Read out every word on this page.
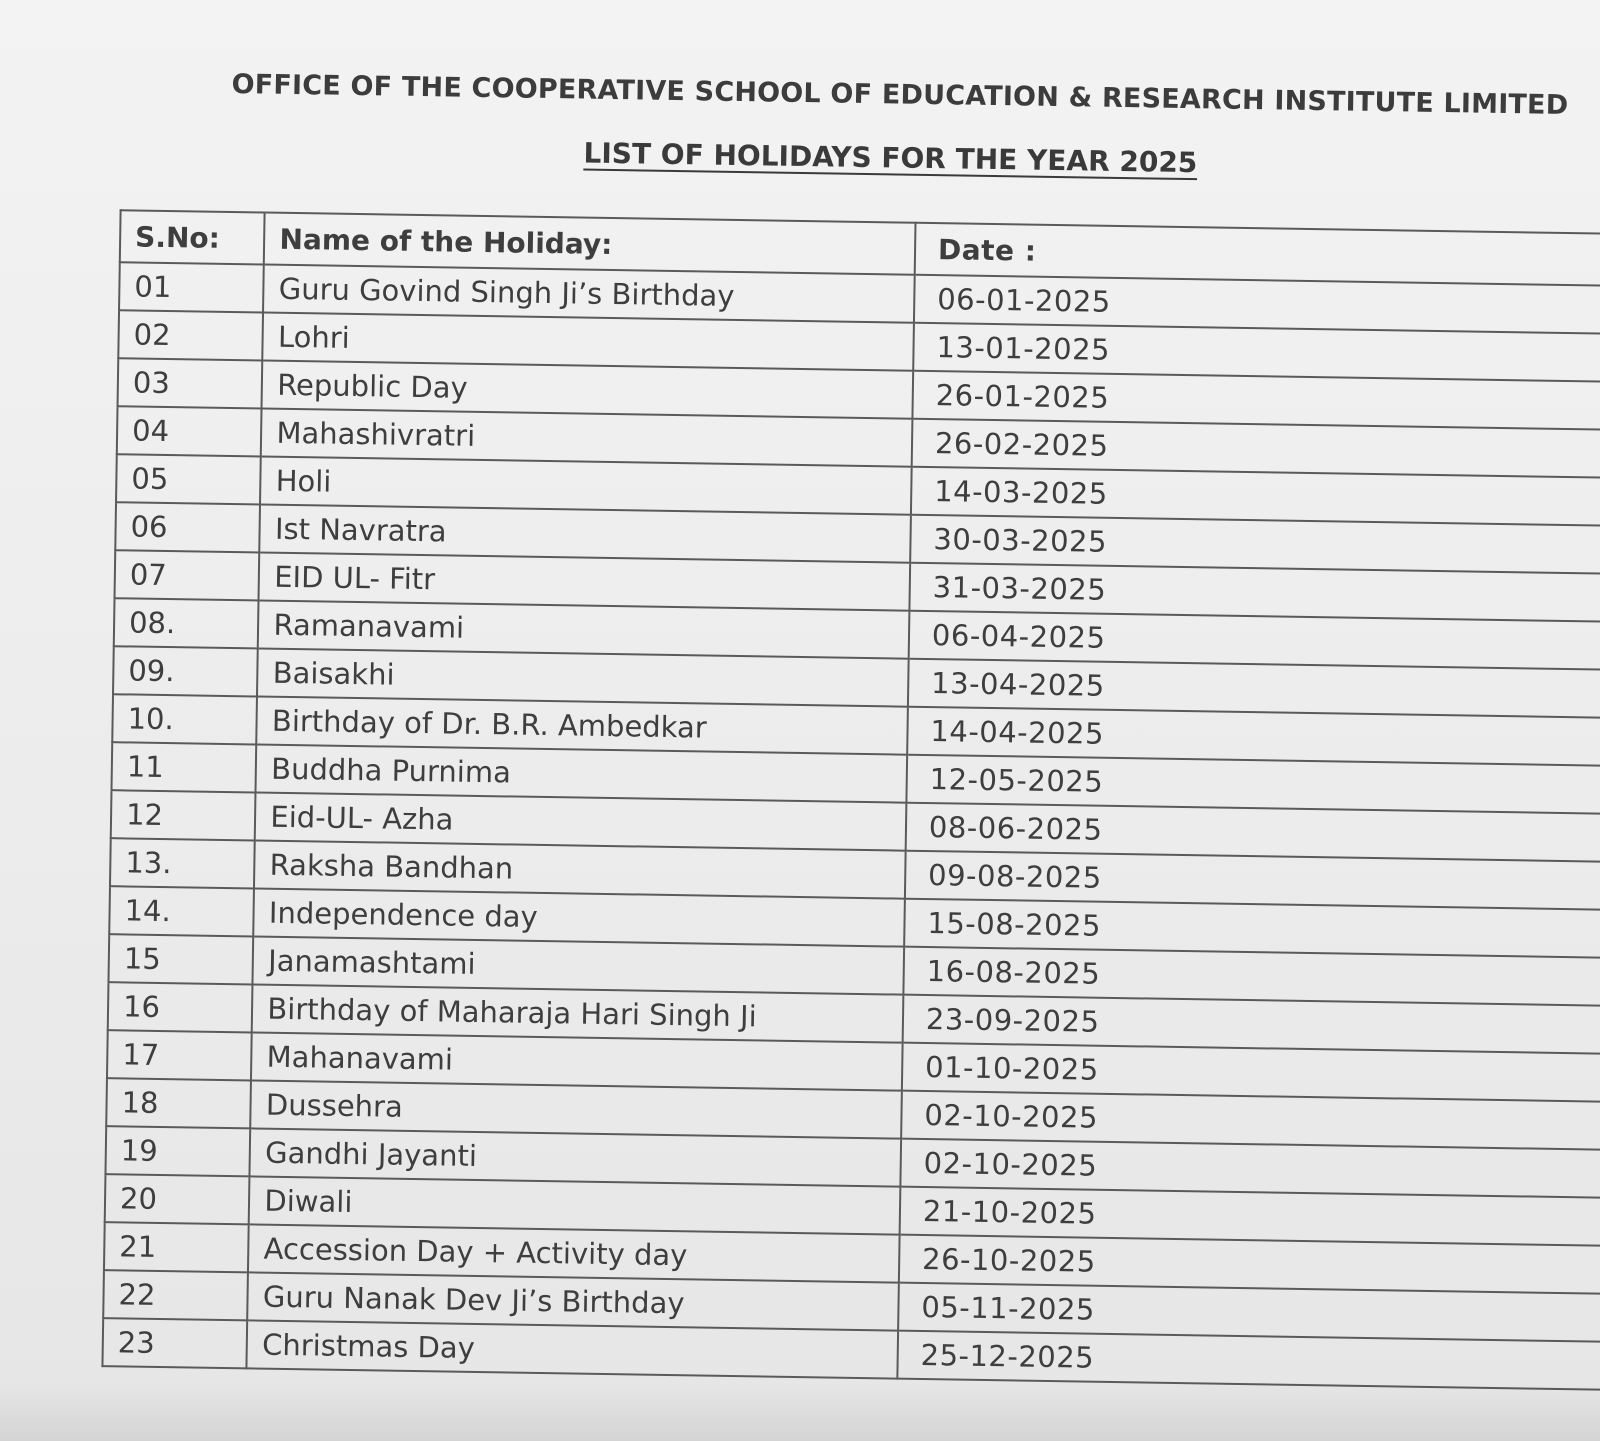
OFFICE OF THE COOPERATIVE SCHOOL OF EDUCATION & RESEARCH INSTITUTE LIMITED
LIST OF HOLIDAYS FOR THE YEAR 2025
S.No:	Name of the Holiday:	Date :
01	Guru Govind Singh Ji’s Birthday	06-01-2025
02	Lohri	13-01-2025
03	Republic Day	26-01-2025
04	Mahashivratri	26-02-2025
05	Holi	14-03-2025
06	Ist Navratra	30-03-2025
07	EID UL- Fitr	31-03-2025
08.	Ramanavami	06-04-2025
09.	Baisakhi	13-04-2025
10.	Birthday of Dr. B.R. Ambedkar	14-04-2025
11	Buddha Purnima	12-05-2025
12	Eid-UL- Azha	08-06-2025
13.	Raksha Bandhan	09-08-2025
14.	Independence day	15-08-2025
15	Janamashtami	16-08-2025
16	Birthday of Maharaja Hari Singh Ji	23-09-2025
17	Mahanavami	01-10-2025
18	Dussehra	02-10-2025
19	Gandhi Jayanti	02-10-2025
20	Diwali	21-10-2025
21	Accession Day + Activity day	26-10-2025
22	Guru Nanak Dev Ji’s Birthday	05-11-2025
23	Christmas Day	25-12-2025
